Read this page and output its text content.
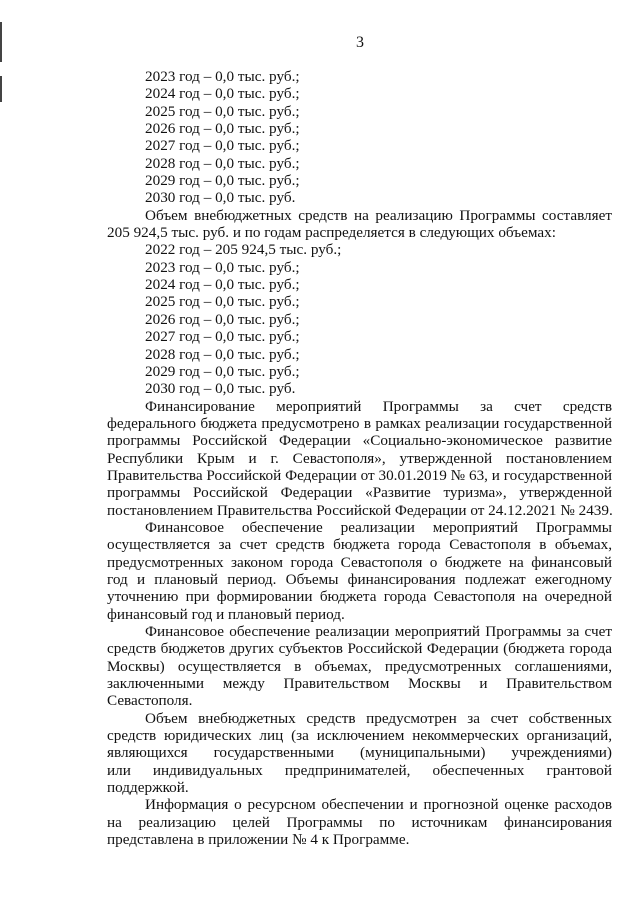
3
2023 год – 0,0 тыс. руб.;
2024 год – 0,0 тыс. руб.;
2025 год – 0,0 тыс. руб.;
2026 год – 0,0 тыс. руб.;
2027 год – 0,0 тыс. руб.;
2028 год – 0,0 тыс. руб.;
2029 год – 0,0 тыс. руб.;
2030 год – 0,0 тыс. руб.
Объем внебюджетных средств на реализацию Программы составляет
205 924,5 тыс. руб. и по годам распределяется в следующих объемах:
2022 год – 205 924,5 тыс. руб.;
2023 год – 0,0 тыс. руб.;
2024 год – 0,0 тыс. руб.;
2025 год – 0,0 тыс. руб.;
2026 год – 0,0 тыс. руб.;
2027 год – 0,0 тыс. руб.;
2028 год – 0,0 тыс. руб.;
2029 год – 0,0 тыс. руб.;
2030 год – 0,0 тыс. руб.
Финансирование мероприятий Программы за счет средств
федерального бюджета предусмотрено в рамках реализации государственной
программы Российской Федерации «Социально-экономическое развитие
Республики Крым и г. Севастополя», утвержденной постановлением
Правительства Российской Федерации от 30.01.2019 № 63, и государственной
программы Российской Федерации «Развитие туризма», утвержденной
постановлением Правительства Российской Федерации от 24.12.2021 № 2439.
Финансовое обеспечение реализации мероприятий Программы
осуществляется за счет средств бюджета города Севастополя в объемах,
предусмотренных законом города Севастополя о бюджете на финансовый
год и плановый период. Объемы финансирования подлежат ежегодному
уточнению при формировании бюджета города Севастополя на очередной
финансовый год и плановый период.
Финансовое обеспечение реализации мероприятий Программы за счет
средств бюджетов других субъектов Российской Федерации (бюджета города
Москвы) осуществляется в объемах, предусмотренных соглашениями,
заключенными между Правительством Москвы и Правительством
Севастополя.
Объем внебюджетных средств предусмотрен за счет собственных
средств юридических лиц (за исключением некоммерческих организаций,
являющихся государственными (муниципальными) учреждениями)
или индивидуальных предпринимателей, обеспеченных грантовой
поддержкой.
Информация о ресурсном обеспечении и прогнозной оценке расходов
на реализацию целей Программы по источникам финансирования
представлена в приложении № 4 к Программе.
